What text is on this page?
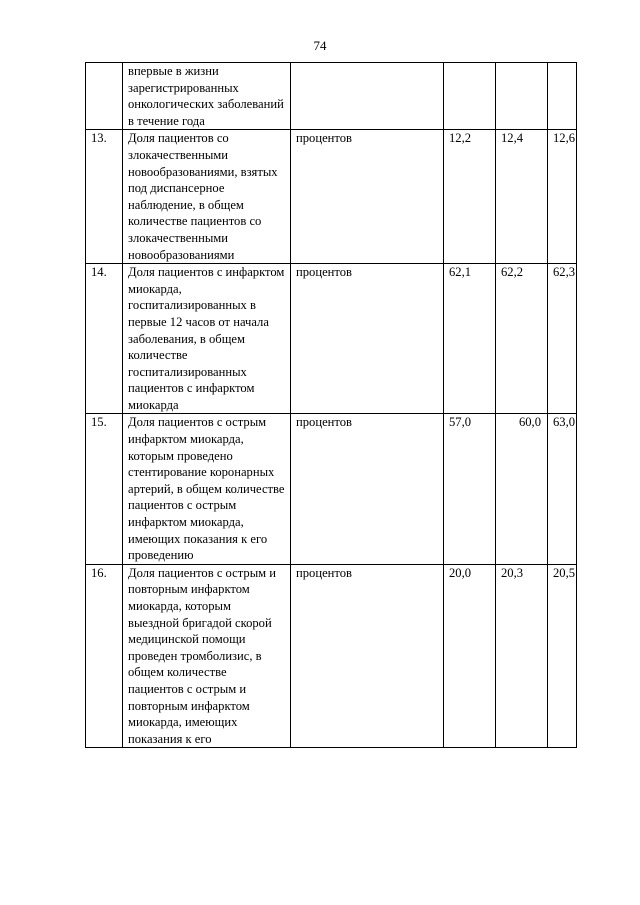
74
	впервые в жизни зарегистрированных онкологических заболеваний в течение года				
13.	Доля пациентов со злокачественными новообразованиями, взятых под диспансерное наблюдение, в общем количестве пациентов со злокачественными новообразованиями	процентов	12,2	12,4	12,6
14.	Доля пациентов с инфарктом миокарда, госпитализированных в первые 12 часов от начала заболевания, в общем количестве госпитализированных пациентов с инфарктом миокарда	процентов	62,1	62,2	62,3
15.	Доля пациентов с острым инфарктом миокарда, которым проведено стентирование коронарных артерий, в общем количестве пациентов с острым инфарктом миокарда, имеющих показания к его проведению	процентов	57,0	60,0	63,0
16.	Доля пациентов с острым и повторным инфарктом миокарда, которым выездной бригадой скорой медицинской помощи проведен тромболизис, в общем количестве пациентов с острым и повторным инфарктом миокарда, имеющих показания к его	процентов	20,0	20,3	20,5
